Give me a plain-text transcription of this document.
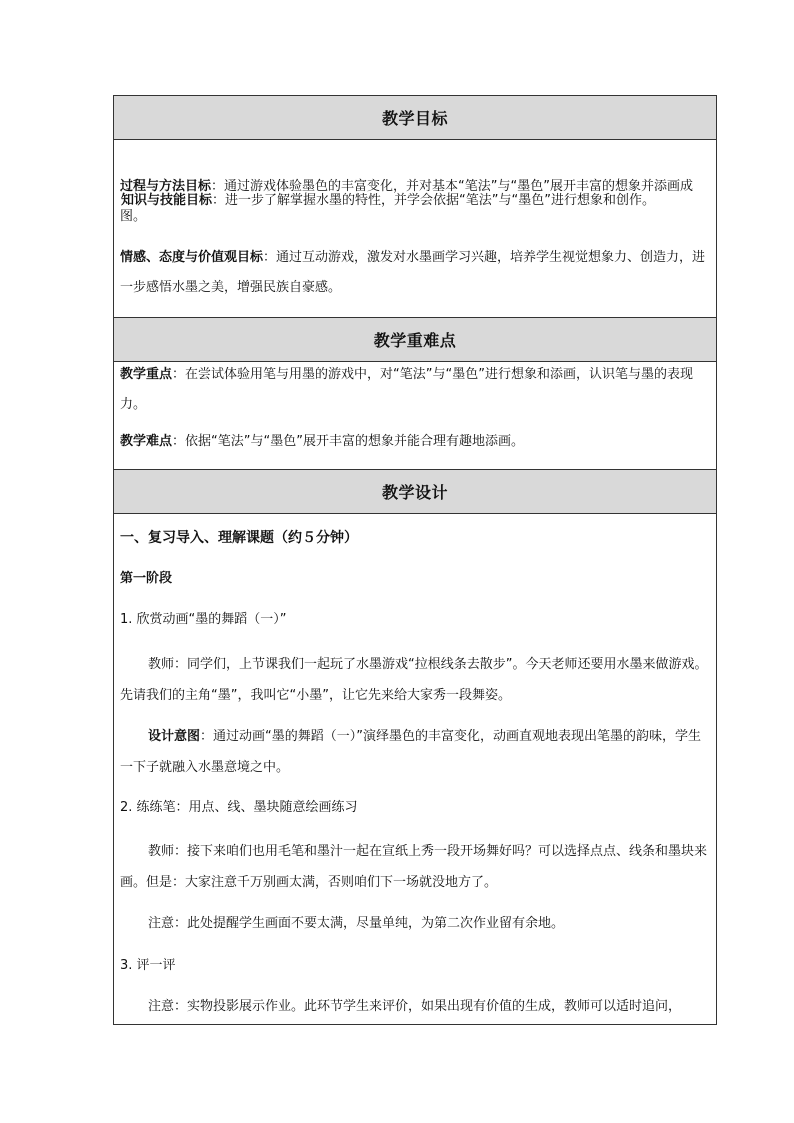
教学目标
知识与技能目标：进一步了解掌握水墨的特性，并学会依据“笔法”与“墨色”进行想象和创作。
教学重难点
教学设计
过程与方法目标：通过游戏体验墨色的丰富变化，并对基本“笔法”与“墨色”展开丰富的想象并添画成图。
情感、态度与价值观目标：通过互动游戏，激发对水墨画学习兴趣，培养学生视觉想象力、创造力，进一步感悟水墨之美，增强民族自豪感。
教学重点：在尝试体验用笔与用墨的游戏中，对“笔法”与“墨色”进行想象和添画，认识笔与墨的表现力。
教学难点：依据“笔法”与“墨色”展开丰富的想象并能合理有趣地添画。
一、复习导入、理解课题（约５分钟）
第一阶段
1. 欣赏动画“墨的舞蹈（一）”
教师：同学们，上节课我们一起玩了水墨游戏“拉根线条去散步”。今天老师还要用水墨来做游戏。先请我们的主角“墨”，我叫它“小墨”，让它先来给大家秀一段舞姿。
设计意图：通过动画“墨的舞蹈（一）”演绎墨色的丰富变化，动画直观地表现出笔墨的韵味，学生一下子就融入水墨意境之中。
2. 练练笔：用点、线、墨块随意绘画练习
教师：接下来咱们也用毛笔和墨汁一起在宣纸上秀一段开场舞好吗？可以选择点点、线条和墨块来画。但是：大家注意千万别画太满，否则咱们下一场就没地方了。
注意：此处提醒学生画面不要太满，尽量单纯，为第二次作业留有余地。
3. 评一评
注意：实物投影展示作业。此环节学生来评价，如果出现有价值的生成，教师可以适时追问，
